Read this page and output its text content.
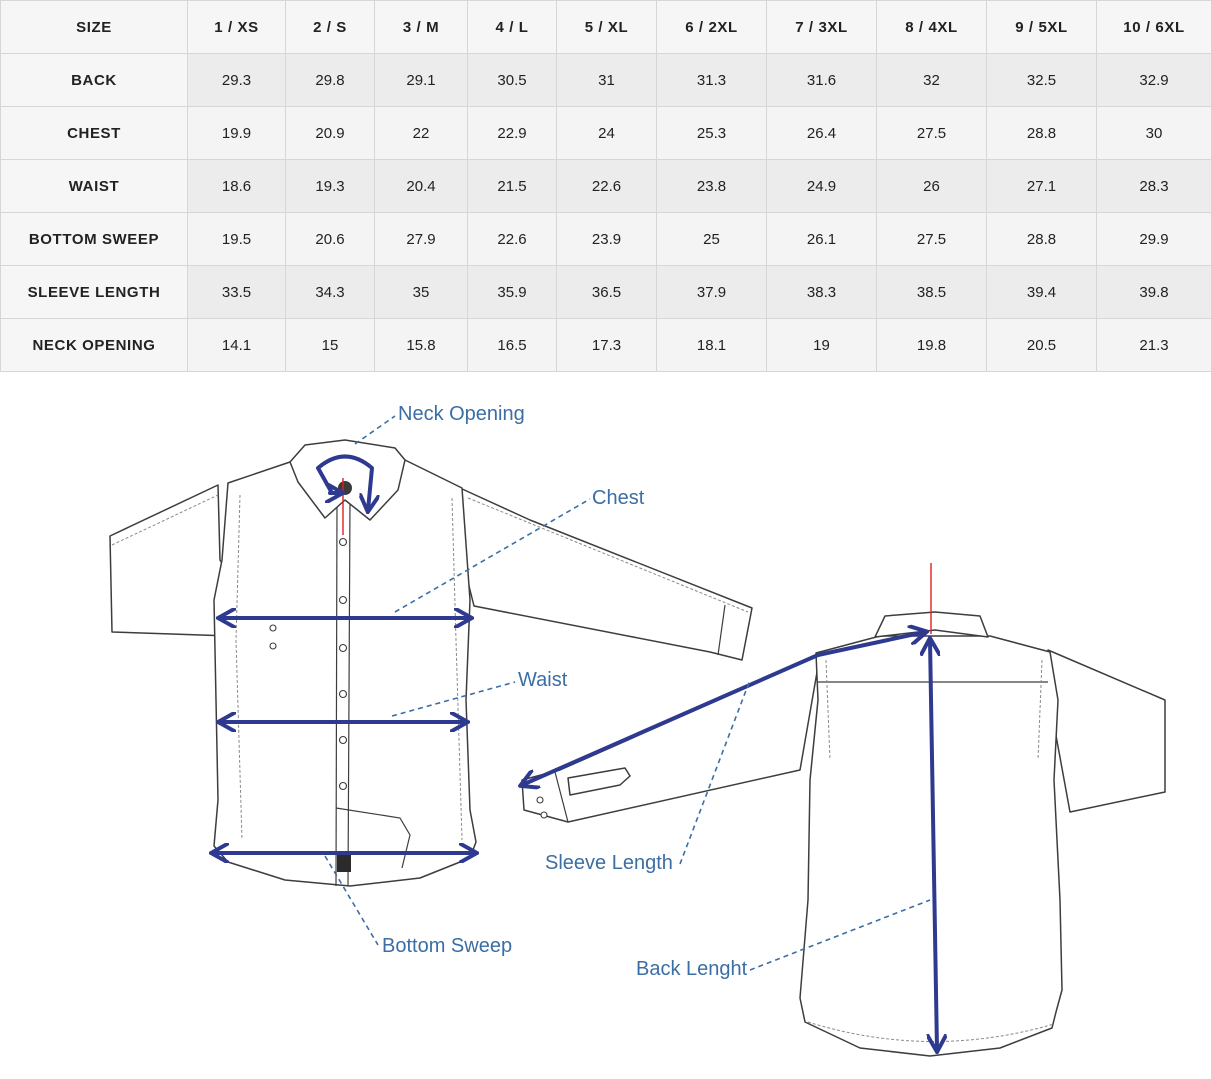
SIZE	1 / XS	2 / S	3 / M	4 / L	5 / XL	6 / 2XL	7 / 3XL	8 / 4XL	9 / 5XL	10 / 6XL
BACK	29.3	29.8	29.1	30.5	31	31.3	31.6	32	32.5	32.9
CHEST	19.9	20.9	22	22.9	24	25.3	26.4	27.5	28.8	30
WAIST	18.6	19.3	20.4	21.5	22.6	23.8	24.9	26	27.1	28.3
BOTTOM SWEEP	19.5	20.6	27.9	22.6	23.9	25	26.1	27.5	28.8	29.9
SLEEVE LENGTH	33.5	34.3	35	35.9	36.5	37.9	38.3	38.5	39.4	39.8
NECK OPENING	14.1	15	15.8	16.5	17.3	18.1	19	19.8	20.5	21.3
Neck Opening
Chest
Waist
Bottom Sweep
Sleeve Length
Back Lenght
